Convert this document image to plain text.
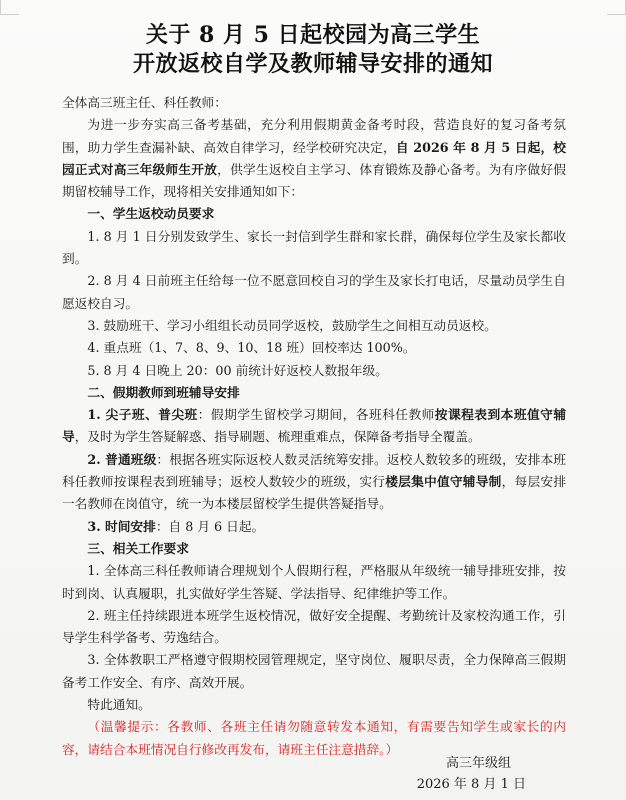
关于 8 月 5 日起校园为高三学生
开放返校自学及教师辅导安排的通知

全体高三班主任、科任教师：

为进一步夯实高三备考基础，充分利用假期黄金备考时段，营造良好的复习备考氛围，助力学生查漏补缺、高效自律学习，经学校研究决定，自 2026 年 8 月 5 日起，校园正式对高三年级师生开放，供学生返校自主学习、体育锻炼及静心备考。为有序做好假期留校辅导工作，现将相关安排通知如下：

一、学生返校动员要求

1. 8 月 1 日分别发致学生、家长一封信到学生群和家长群，确保每位学生及家长都收到。

2. 8 月 4 日前班主任给每一位不愿意回校自习的学生及家长打电话，尽量动员学生自愿返校自习。

3. 鼓励班干、学习小组组长动员同学返校，鼓励学生之间相互动员返校。

4. 重点班（1、7、8、9、10、18 班）回校率达 100%。

5. 8 月 4 日晚上 20：00 前统计好返校人数报年级。

二、假期教师到班辅导安排

1. 尖子班、普尖班：假期学生留校学习期间，各班科任教师按课程表到本班值守辅导，及时为学生答疑解惑、指导刷题、梳理重难点，保障备考指导全覆盖。

2. 普通班级：根据各班实际返校人数灵活统筹安排。返校人数较多的班级，安排本班科任教师按课程表到班辅导；返校人数较少的班级，实行楼层集中值守辅导制，每层安排一名教师在岗值守，统一为本楼层留校学生提供答疑指导。

3. 时间安排：自 8 月 6 日起。

三、相关工作要求

1. 全体高三科任教师请合理规划个人假期行程，严格服从年级统一辅导排班安排，按时到岗、认真履职，扎实做好学生答疑、学法指导、纪律维护等工作。

2. 班主任持续跟进本班学生返校情况，做好安全提醒、考勤统计及家校沟通工作，引导学生科学备考、劳逸结合。

3. 全体教职工严格遵守假期校园管理规定，坚守岗位、履职尽责，全力保障高三假期备考工作安全、有序、高效开展。

特此通知。

（温馨提示：各教师、各班主任请勿随意转发本通知，有需要告知学生或家长的内容，请结合本班情况自行修改再发布，请班主任注意措辞。）

高三年级组
2026 年 8 月 1 日
